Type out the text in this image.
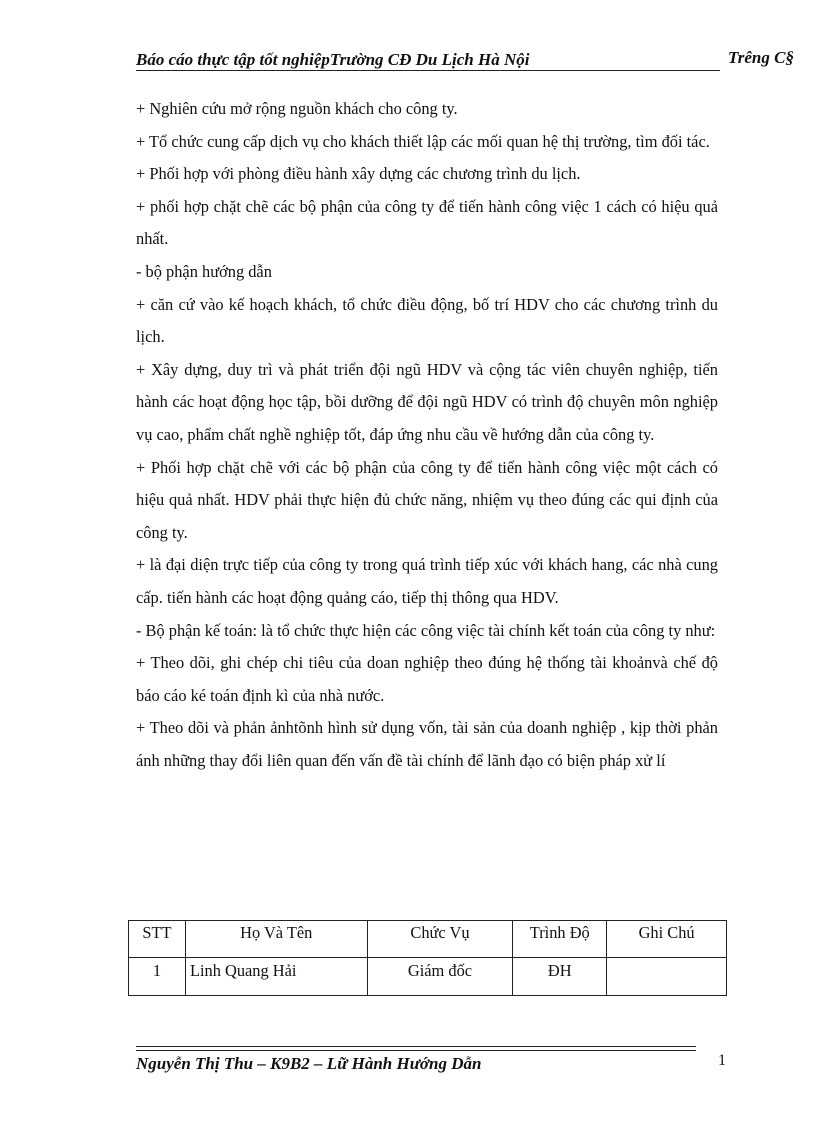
Báo cáo thực tập tốt nghiệpTrường CĐ Du Lịch Hà Nội	Trêng C§

+ Nghiên cứu mở rộng nguồn khách cho công ty.

+ Tổ chức cung cấp dịch vụ cho khách thiết lập các mối quan hệ thị trường, tìm đối tác.

+ Phối hợp với phòng điều hành xây dựng các chương trình du lịch.

+ phối hợp chặt chẽ các bộ phận của công ty để tiến hành công việc 1 cách có hiệu quả nhất.

- bộ phận hướng dẫn

+ căn cứ vào kế hoạch khách, tổ chức điều động, bố trí HDV cho các chương trình du lịch.

+ Xây dựng, duy trì và phát triển đội ngũ HDV và cộng tác viên chuyên nghiệp, tiến hành các hoạt động học tập, bồi dưỡng để đội ngũ HDV có trình độ chuyên môn nghiệp vụ cao, phẩm chất nghề nghiệp tốt, đáp ứng nhu cầu về hướng dẫn của công ty.

+ Phối hợp chặt chẽ với các bộ phận của công ty để tiến hành công việc một cách có hiệu quả nhất. HDV phải thực hiện đủ chức năng, nhiệm vụ theo đúng các qui định của công ty.

+ là đại diện trực tiếp của công ty trong quá trình tiếp xúc với khách hang, các nhà cung cấp. tiến hành các hoạt động quảng cáo, tiếp thị thông qua HDV.

- Bộ phận kế toán: là tổ chức thực hiện các công việc tài chính kết toán của công ty như:

+ Theo dõi, ghi chép chi tiêu của doan nghiệp theo đúng hệ thống tài khoảnvà chế độ báo cáo ké toán định kì của nhà nước.

+ Theo dõi và phản ảnhtõnh hình sử dụng vốn, tài sản của doanh nghiệp , kịp thời phản ánh những thay đổi liên quan đến vấn đề tài chính để lãnh đạo có biện pháp xử lí

STT	Họ Và Tên	Chức Vụ	Trình Độ	Ghi Chú
1	Linh Quang Hải	Giám đốc	ĐH	
Nguyễn Thị Thu – K9B2 – Lữ Hành Hướng Dẫn	1
